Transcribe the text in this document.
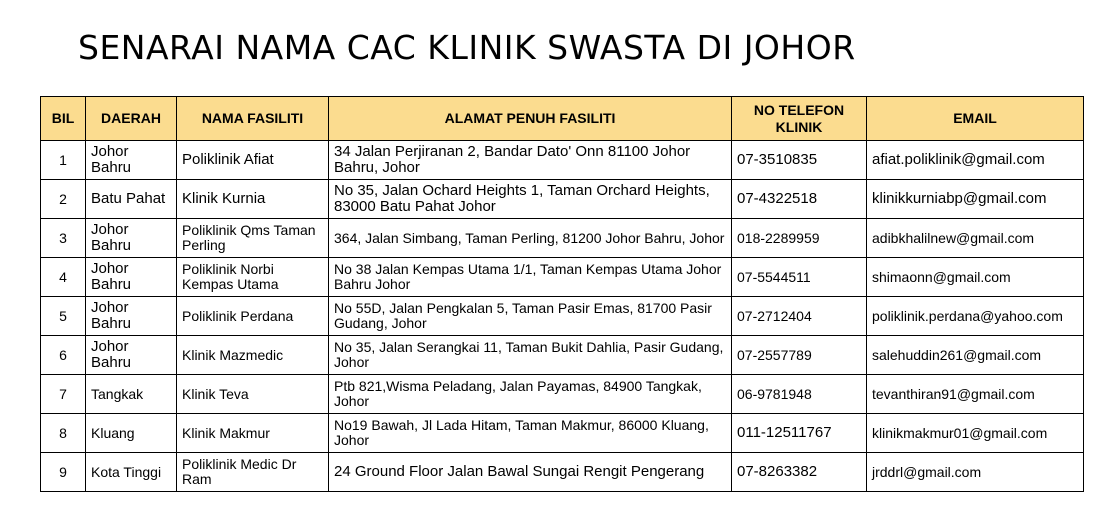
SENARAI NAMA CAC KLINIK SWASTA DI JOHOR
BIL	DAERAH	NAMA FASILITI	ALAMAT PENUH FASILITI	NO TELEFON KLINIK	EMAIL
1	Johor Bahru	Poliklinik Afiat	34 Jalan Perjiranan 2, Bandar Dato' Onn 81100 Johor Bahru, Johor	07-3510835	afiat.poliklinik@gmail.com
2	Batu Pahat	Klinik Kurnia	No 35, Jalan Ochard Heights 1, Taman Orchard Heights, 83000 Batu Pahat Johor	07-4322518	klinikkurniabp@gmail.com
3	Johor Bahru	Poliklinik Qms Taman Perling	364, Jalan Simbang, Taman Perling, 81200 Johor Bahru, Johor	018-2289959	adibkhalilnew@gmail.com
4	Johor Bahru	Poliklinik Norbi Kempas Utama	No 38 Jalan Kempas Utama 1/1, Taman Kempas Utama Johor Bahru Johor	07-5544511	shimaonn@gmail.com
5	Johor Bahru	Poliklinik Perdana	No 55D, Jalan Pengkalan 5, Taman Pasir Emas, 81700 Pasir Gudang, Johor	07-2712404	poliklinik.perdana@yahoo.com
6	Johor Bahru	Klinik Mazmedic	No 35, Jalan Serangkai 11, Taman Bukit Dahlia, Pasir Gudang, Johor	07-2557789	salehuddin261@gmail.com
7	Tangkak	Klinik Teva	Ptb 821,Wisma Peladang, Jalan Payamas, 84900 Tangkak, Johor	06-9781948	tevanthiran91@gmail.com
8	Kluang	Klinik Makmur	No19 Bawah, Jl Lada Hitam, Taman Makmur, 86000 Kluang, Johor	011-12511767	klinikmakmur01@gmail.com
9	Kota Tinggi	Poliklinik Medic Dr Ram	24 Ground Floor Jalan Bawal Sungai Rengit Pengerang	07-8263382	jrddrl@gmail.com
